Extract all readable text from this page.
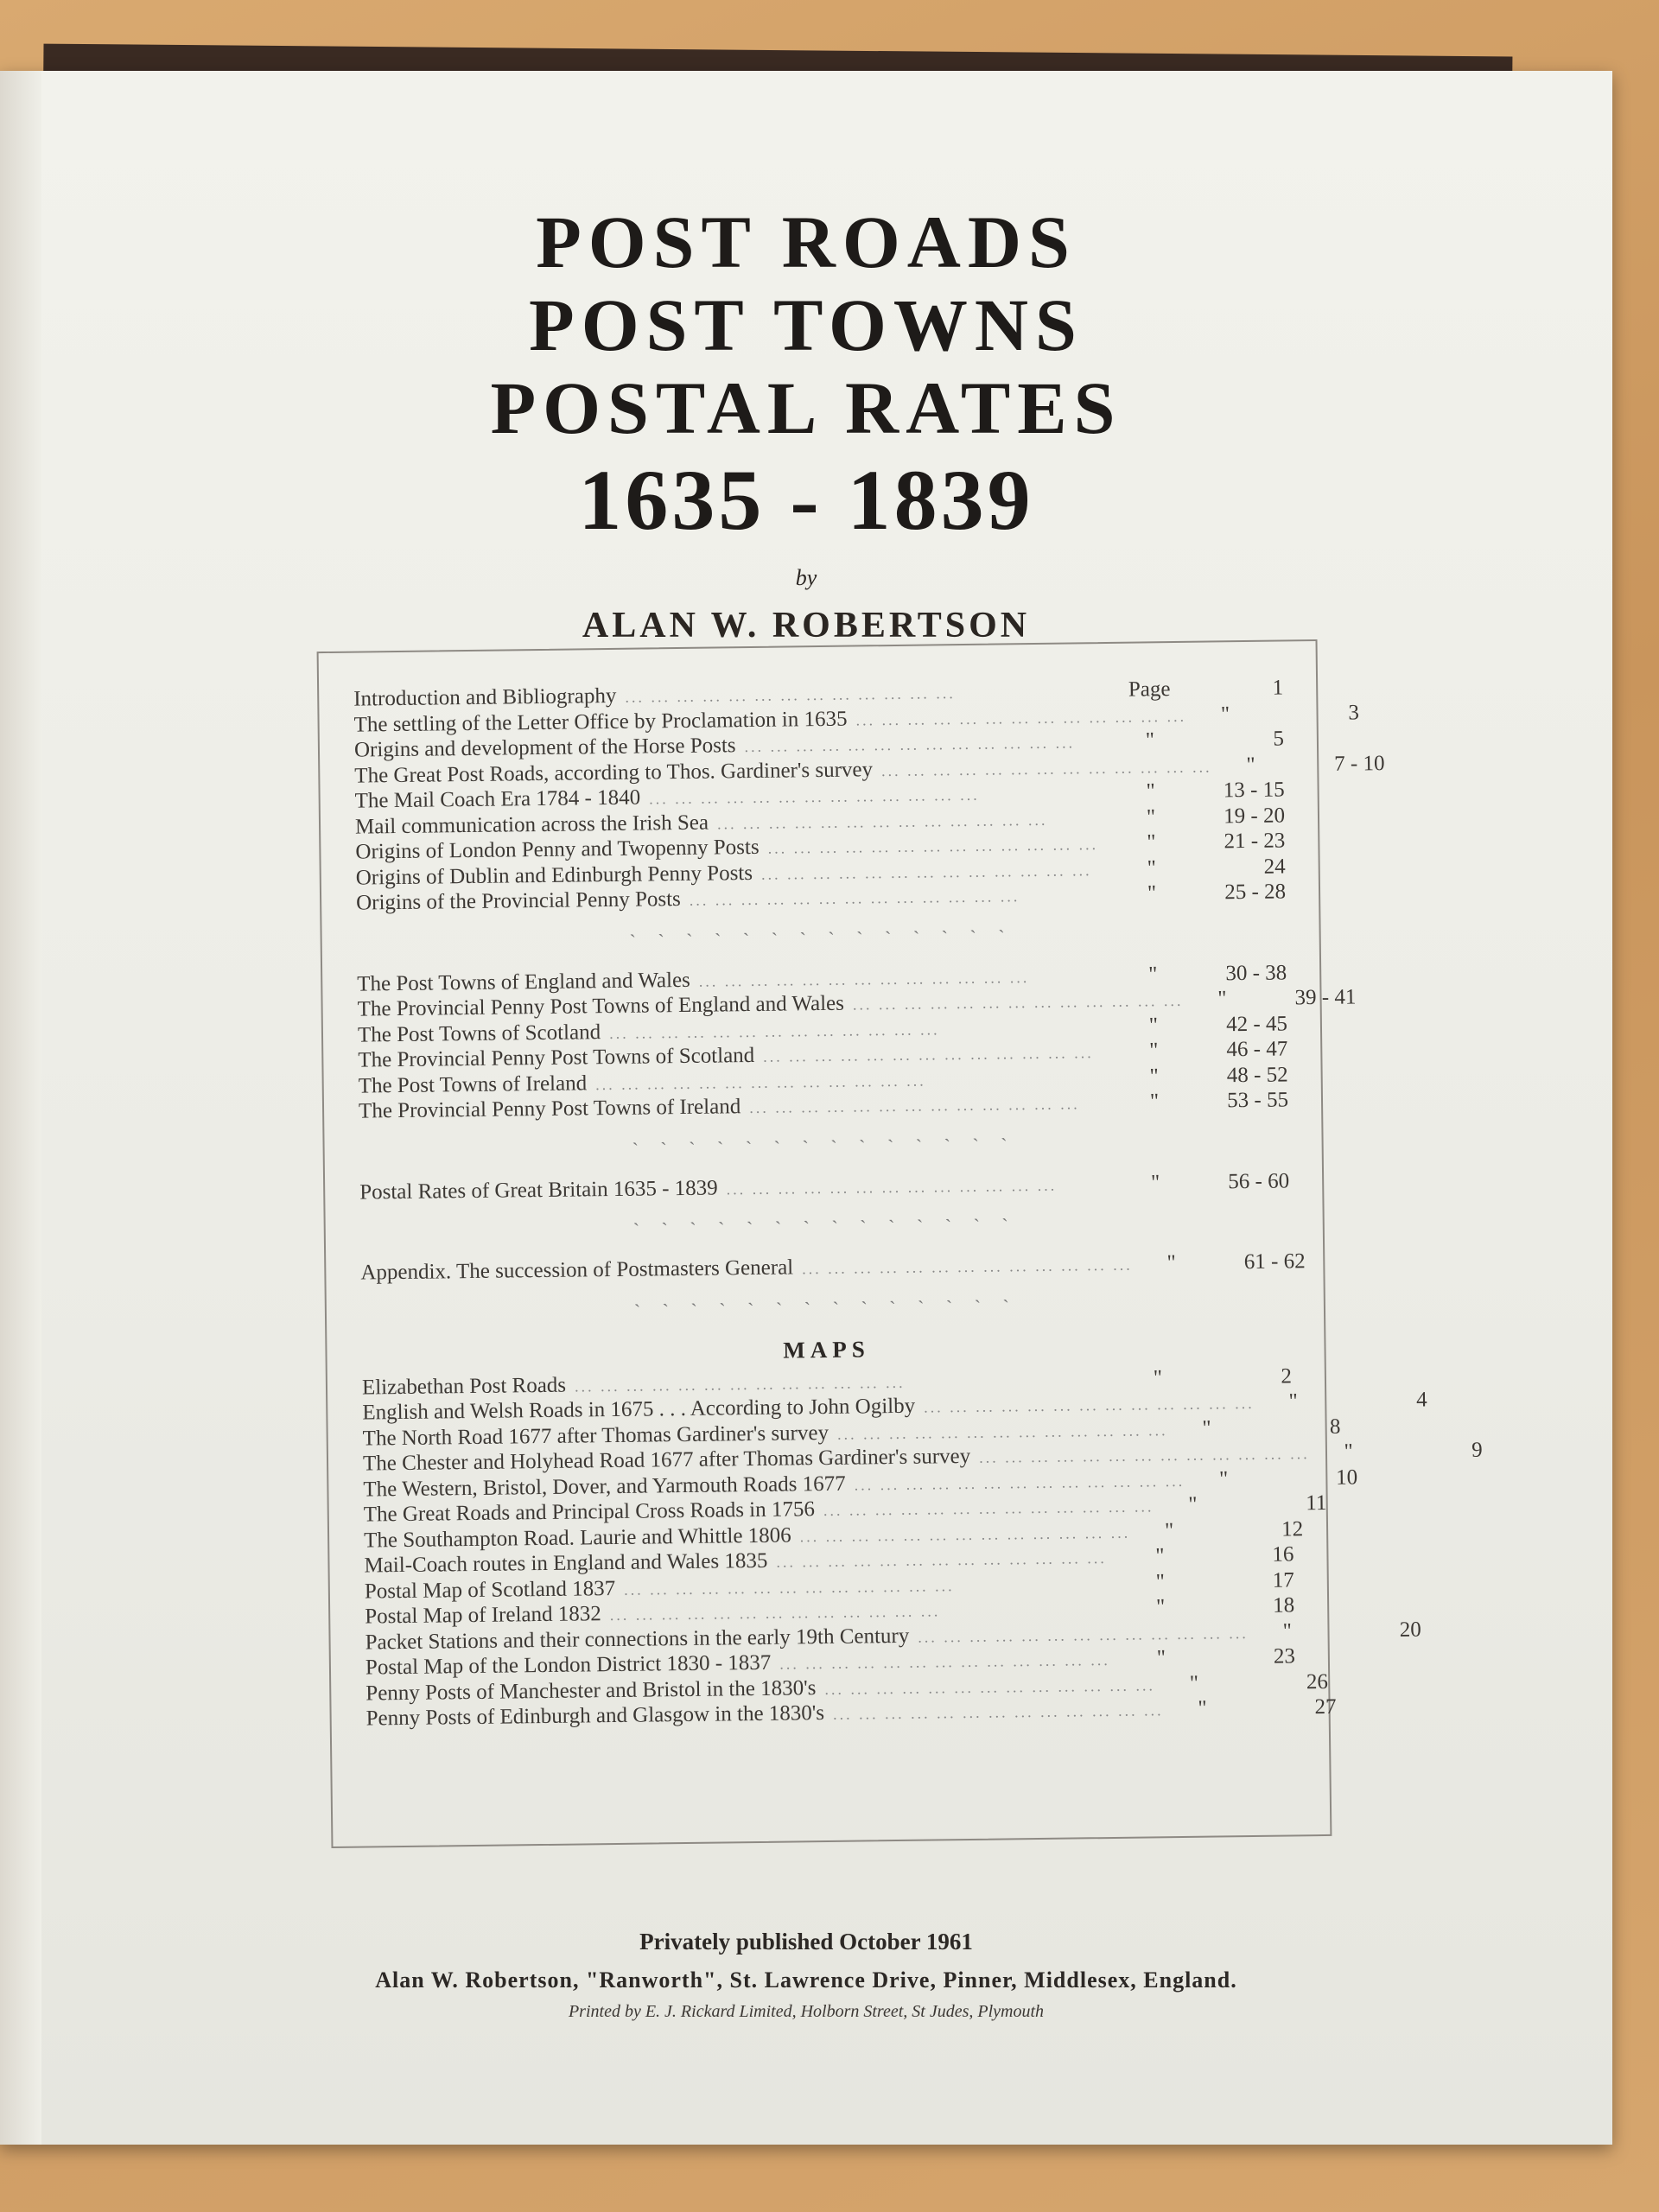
POST ROADS
POST TOWNS
POSTAL RATES
1635 - 1839
by
ALAN W. ROBERTSON
Introduction and Bibliography ... ... ... ... ... ... ... ... ... ... ... ... ...	Page	1
The settling of the Letter Office by Proclamation in 1635 ... ... ... ... ... ... ... ... ... ... ... ... ...	"	3
Origins and development of the Horse Posts ... ... ... ... ... ... ... ... ... ... ... ... ...	"	5
The Great Post Roads, according to Thos. Gardiner's survey ... ... ... ... ... ... ... ... ... ... ... ... ...	"	7 - 10
The Mail Coach Era 1784 - 1840 ... ... ... ... ... ... ... ... ... ... ... ... ...	"	13 - 15
Mail communication across the Irish Sea ... ... ... ... ... ... ... ... ... ... ... ... ...	"	19 - 20
Origins of London Penny and Twopenny Posts ... ... ... ... ... ... ... ... ... ... ... ... ...	"	21 - 23
Origins of Dublin and Edinburgh Penny Posts ... ... ... ... ... ... ... ... ... ... ... ... ...	"	24
Origins of the Provincial Penny Posts ... ... ... ... ... ... ... ... ... ... ... ... ...	"	25 - 28
` ` ` ` ` ` ` ` ` ` ` ` ` `
The Post Towns of England and Wales ... ... ... ... ... ... ... ... ... ... ... ... ...	"	30 - 38
The Provincial Penny Post Towns of England and Wales ... ... ... ... ... ... ... ... ... ... ... ... ...	"	39 - 41
The Post Towns of Scotland ... ... ... ... ... ... ... ... ... ... ... ... ...	"	42 - 45
The Provincial Penny Post Towns of Scotland ... ... ... ... ... ... ... ... ... ... ... ... ...	"	46 - 47
The Post Towns of Ireland ... ... ... ... ... ... ... ... ... ... ... ... ...	"	48 - 52
The Provincial Penny Post Towns of Ireland ... ... ... ... ... ... ... ... ... ... ... ... ...	"	53 - 55
` ` ` ` ` ` ` ` ` ` ` ` ` `
Postal Rates of Great Britain 1635 - 1839 ... ... ... ... ... ... ... ... ... ... ... ... ...	"	56 - 60
` ` ` ` ` ` ` ` ` ` ` ` ` `
Appendix. The succession of Postmasters General ... ... ... ... ... ... ... ... ... ... ... ... ...	"	61 - 62
` ` ` ` ` ` ` ` ` ` ` ` ` `
MAPS
Elizabethan Post Roads ... ... ... ... ... ... ... ... ... ... ... ... ...	"	2
English and Welsh Roads in 1675 . . . According to John Ogilby ... ... ... ... ... ... ... ... ... ... ... ... ...	"	4
The North Road 1677 after Thomas Gardiner's survey ... ... ... ... ... ... ... ... ... ... ... ... ...	"	8
The Chester and Holyhead Road 1677 after Thomas Gardiner's survey ... ... ... ... ... ... ... ... ... ... ... ... ...	"	9
The Western, Bristol, Dover, and Yarmouth Roads 1677 ... ... ... ... ... ... ... ... ... ... ... ... ...	"	10
The Great Roads and Principal Cross Roads in 1756 ... ... ... ... ... ... ... ... ... ... ... ... ...	"	11
The Southampton Road. Laurie and Whittle 1806 ... ... ... ... ... ... ... ... ... ... ... ... ...	"	12
Mail-Coach routes in England and Wales 1835 ... ... ... ... ... ... ... ... ... ... ... ... ...	"	16
Postal Map of Scotland 1837 ... ... ... ... ... ... ... ... ... ... ... ... ...	"	17
Postal Map of Ireland 1832 ... ... ... ... ... ... ... ... ... ... ... ... ...	"	18
Packet Stations and their connections in the early 19th Century ... ... ... ... ... ... ... ... ... ... ... ... ...	"	20
Postal Map of the London District 1830 - 1837 ... ... ... ... ... ... ... ... ... ... ... ... ...	"	23
Penny Posts of Manchester and Bristol in the 1830's ... ... ... ... ... ... ... ... ... ... ... ... ...	"	26
Penny Posts of Edinburgh and Glasgow in the 1830's ... ... ... ... ... ... ... ... ... ... ... ... ...	"	27
Privately published October 1961
Alan W. Robertson, "Ranworth", St. Lawrence Drive, Pinner, Middlesex, England.
Printed by E. J. Rickard Limited, Holborn Street, St Judes, Plymouth
